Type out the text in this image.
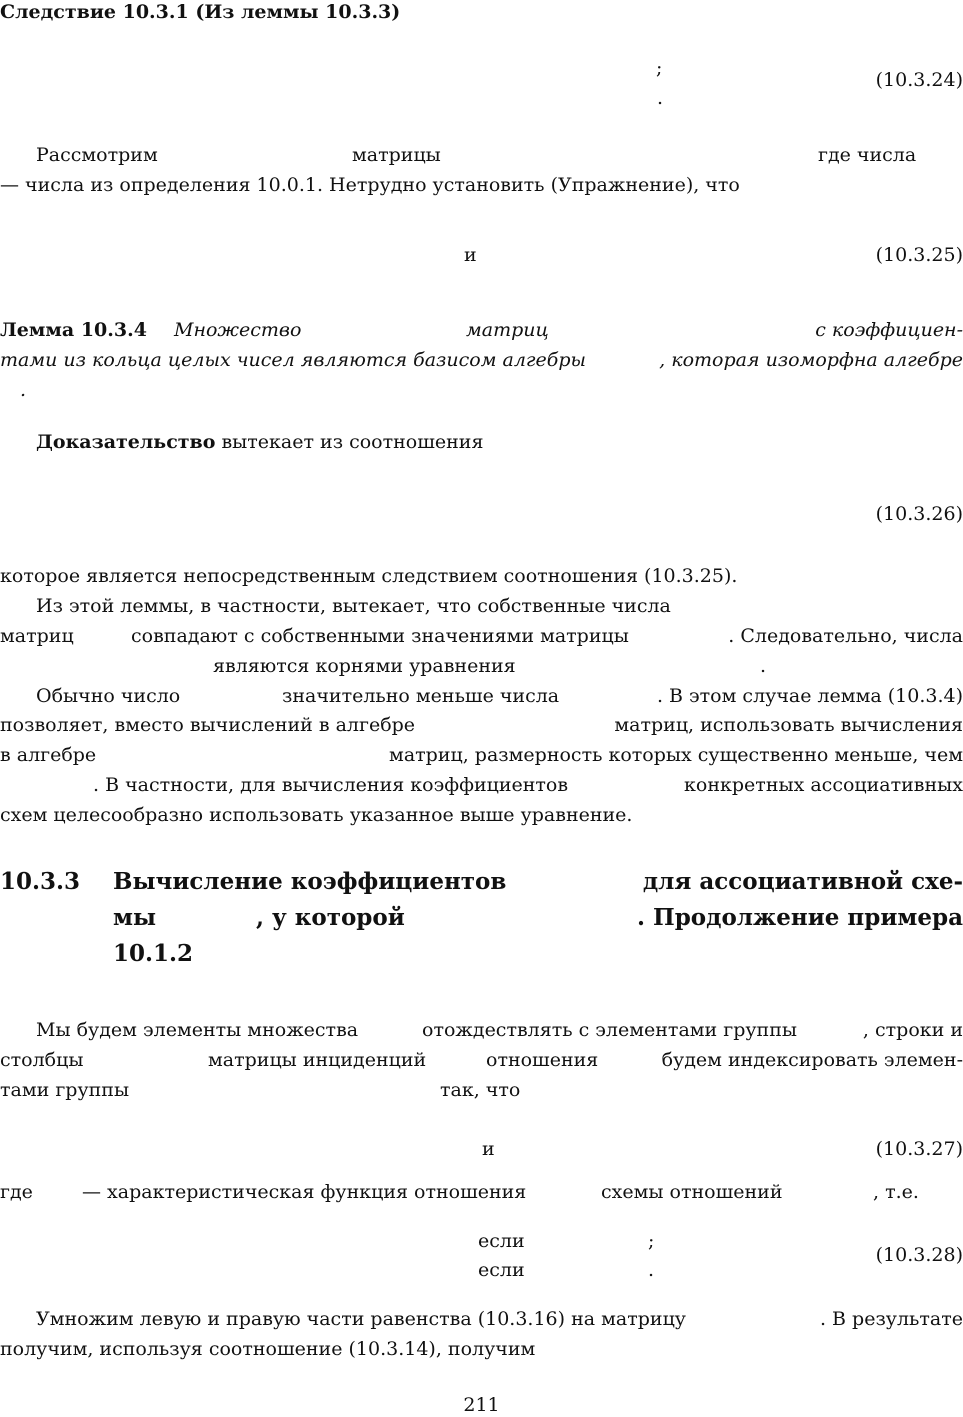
Следствие 10.3.1 (Из леммы 10.3.3)
;
.
(10.3.24)
Рассмотрим	матрицы	где числа
— числа из определения 10.0.1. Нетрудно установить (Упражнение), что
и	(10.3.25)
Лемма 10.3.4 Множество	матриц	с коэффициен-
тами из кольца целых чисел являются базисом алгебры	, которая изоморфна алгебре
.
Доказательство вытекает из соотношения
(10.3.26)
которое является непосредственным следствием соотношения (10.3.25).
Из этой леммы, в частности, вытекает, что собственные числа
матриц	совпадают с собственными значениями матрицы	. Следовательно, числа
являются корнями уравнения	.
Обычно число	значительно меньше числа	. В этом случае лемма (10.3.4)
позволяет, вместо вычислений в алгебре	матриц, использовать вычисления
в алгебре	матриц, размерность которых существенно меньше, чем
. В частности, для вычисления коэффициентов	конкретных ассоциативных
схем целесообразно использовать указанное выше уравнение.
10.3.3 Вычисление коэффициентов	для ассоциативной схе-
мы	, у которой	. Продолжение примера
10.1.2
Мы будем элементы множества	отождествлять с элементами группы	, строки и
столбцы	матрицы инциденций	отношения	будем индексировать элемен-
тами группы	так, что
и	(10.3.27)
где	— характеристическая функция отношения	схемы отношений	, т.е.
если	;
если	.
(10.3.28)
Умножим левую и правую части равенства (10.3.16) на матрицу	. В результате
получим, используя соотношение (10.3.14), получим
211
